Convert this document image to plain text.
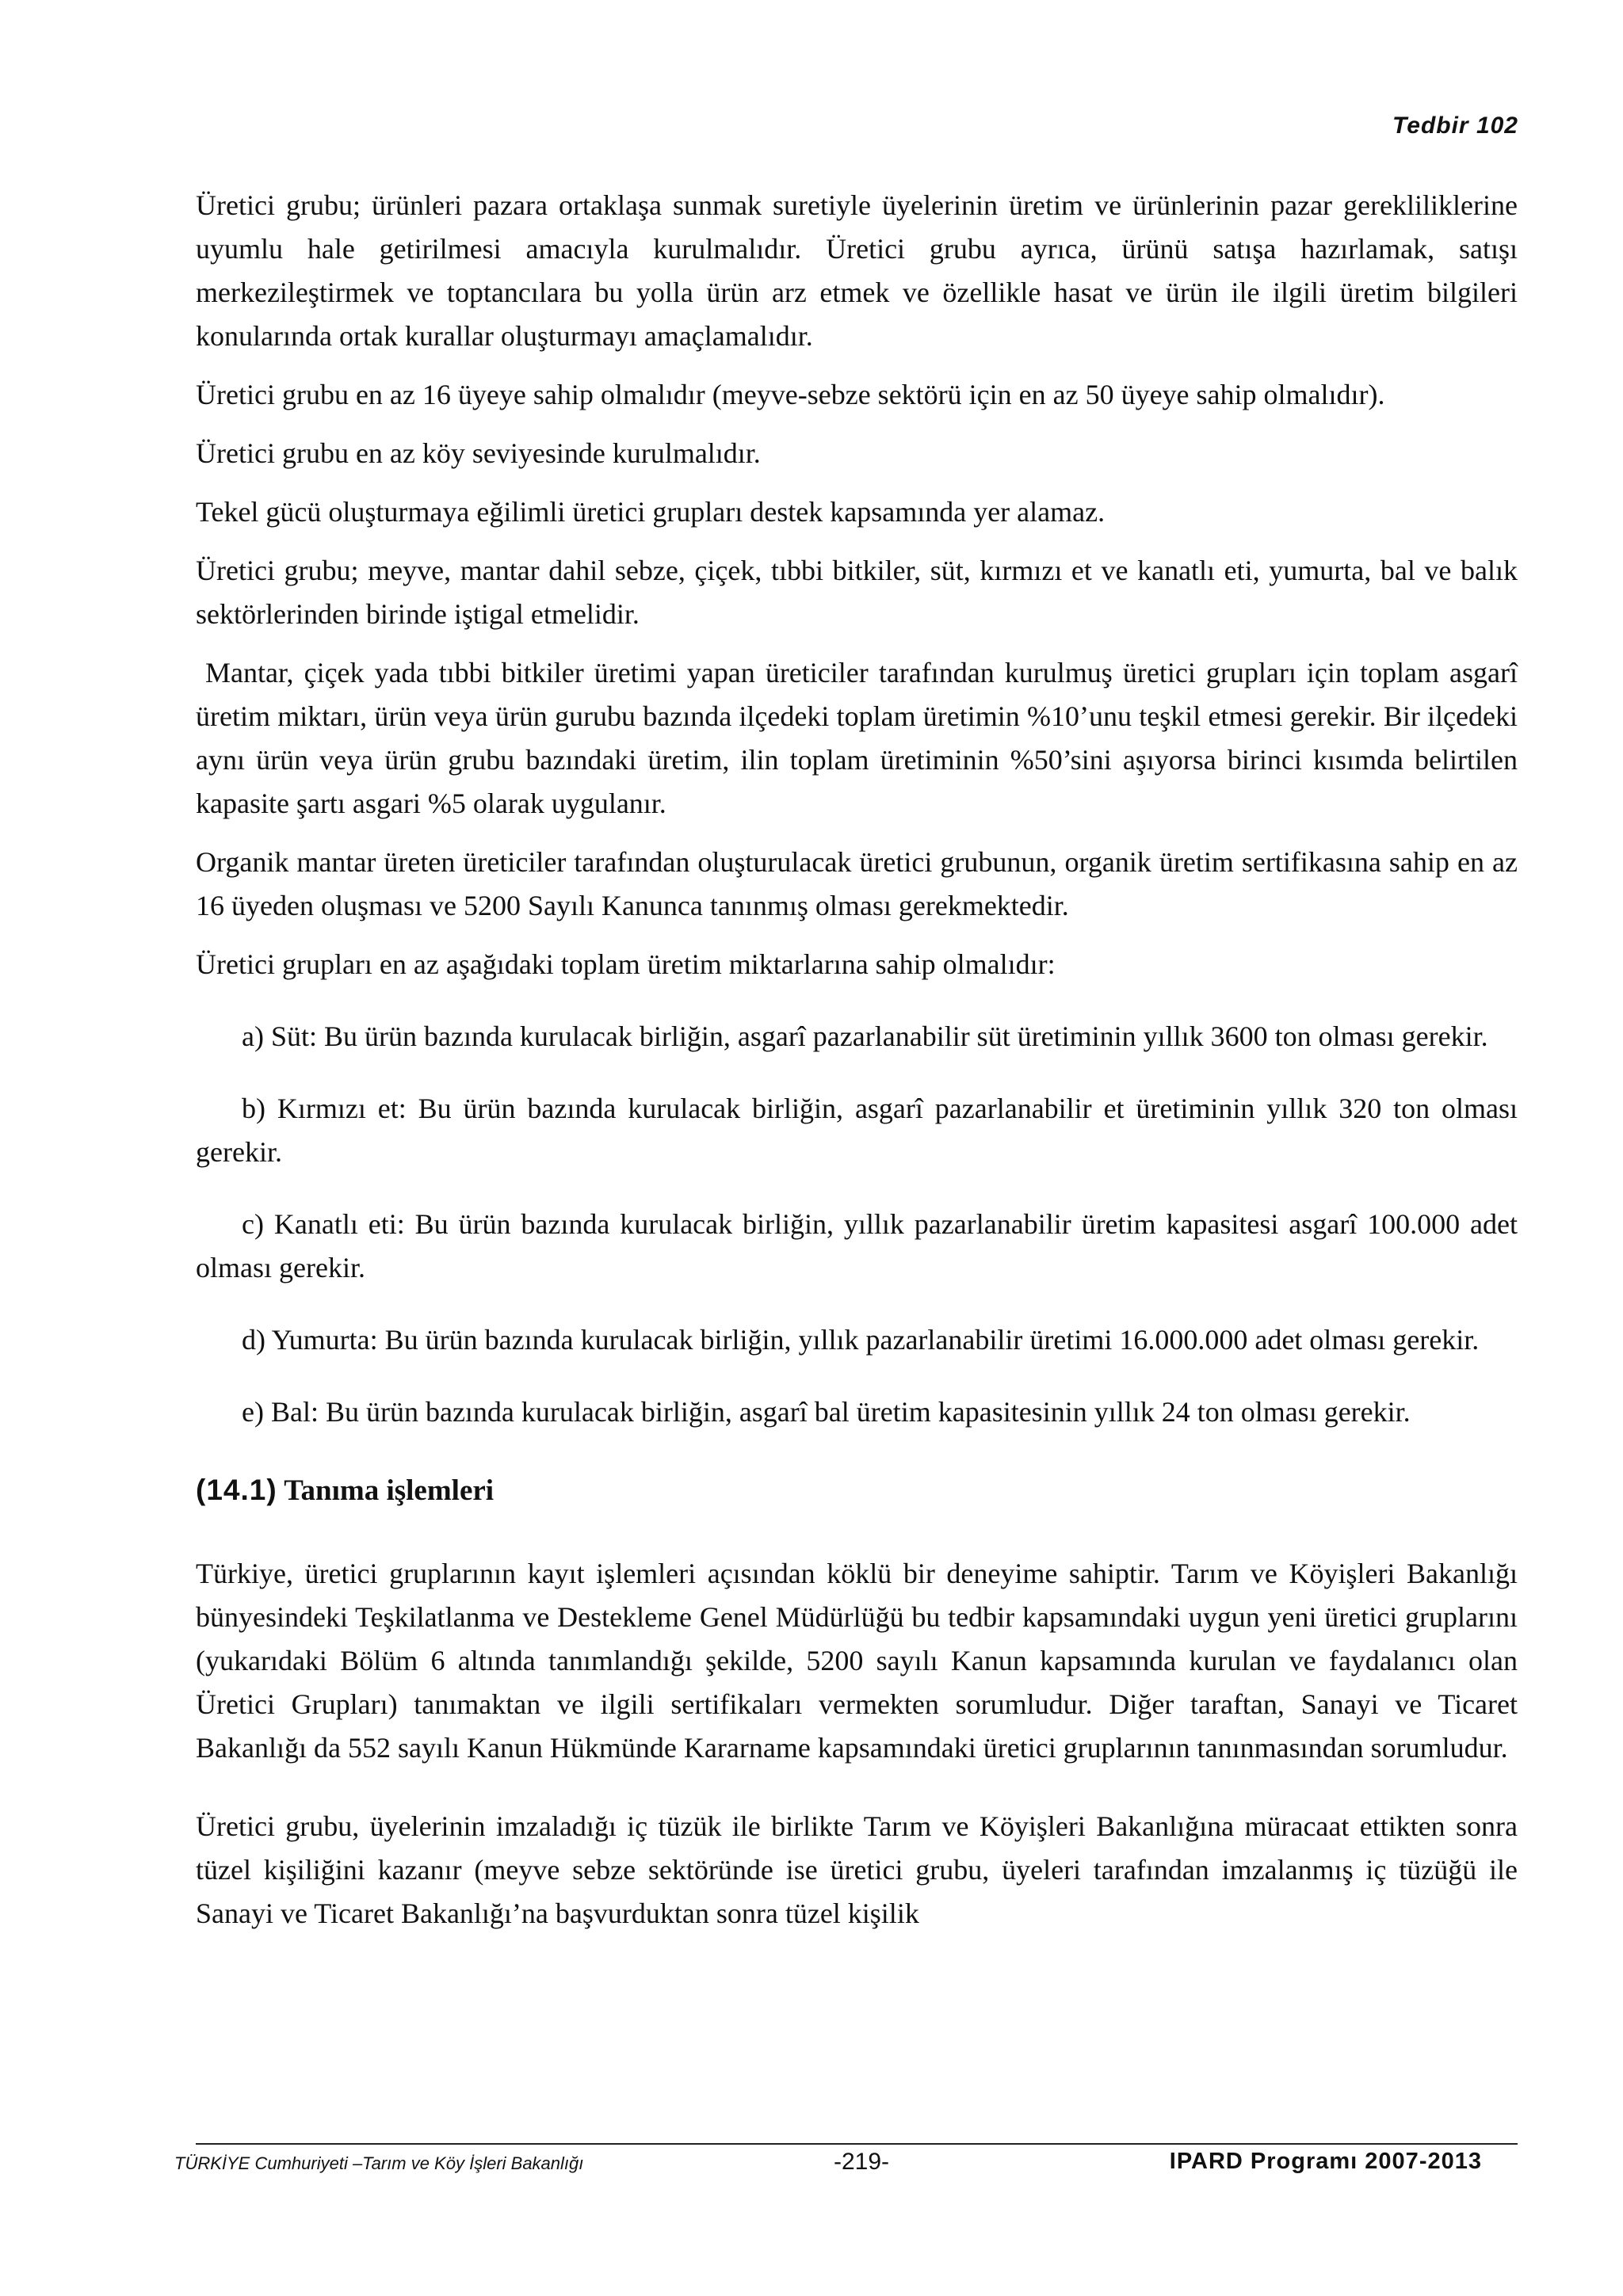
Tedbir 102

Üretici grubu; ürünleri pazara ortaklaşa sunmak suretiyle üyelerinin üretim ve ürünlerinin pazar gerekliliklerine uyumlu hale getirilmesi amacıyla kurulmalıdır. Üretici grubu ayrıca, ürünü satışa hazırlamak, satışı merkezileştirmek ve toptancılara bu yolla ürün arz etmek ve özellikle hasat ve ürün ile ilgili üretim bilgileri konularında ortak kurallar oluşturmayı amaçlamalıdır.

Üretici grubu en az 16 üyeye sahip olmalıdır (meyve-sebze sektörü için en az 50 üyeye sahip olmalıdır).

Üretici grubu en az köy seviyesinde kurulmalıdır.

Tekel gücü oluşturmaya eğilimli üretici grupları destek kapsamında yer alamaz.

Üretici grubu; meyve, mantar dahil sebze, çiçek, tıbbi bitkiler, süt, kırmızı et ve kanatlı eti, yumurta, bal ve balık sektörlerinden birinde iştigal etmelidir.

Mantar, çiçek yada tıbbi bitkiler üretimi yapan üreticiler tarafından kurulmuş üretici grupları için toplam asgarî üretim miktarı, ürün veya ürün gurubu bazında ilçedeki toplam üretimin %10’unu teşkil etmesi gerekir. Bir ilçedeki aynı ürün veya ürün grubu bazındaki üretim, ilin toplam üretiminin %50’sini aşıyorsa birinci kısımda belirtilen kapasite şartı asgari %5 olarak uygulanır.

Organik mantar üreten üreticiler tarafından oluşturulacak üretici grubunun, organik üretim sertifikasına sahip en az 16 üyeden oluşması ve 5200 Sayılı Kanunca tanınmış olması gerekmektedir.

Üretici grupları en az aşağıdaki toplam üretim miktarlarına sahip olmalıdır:

a) Süt: Bu ürün bazında kurulacak birliğin, asgarî pazarlanabilir süt üretiminin yıllık 3600 ton olması gerekir.

b) Kırmızı et: Bu ürün bazında kurulacak birliğin, asgarî pazarlanabilir et üretiminin yıllık 320 ton olması gerekir.

c) Kanatlı eti: Bu ürün bazında kurulacak birliğin, yıllık pazarlanabilir üretim kapasitesi asgarî 100.000 adet olması gerekir.

d) Yumurta: Bu ürün bazında kurulacak birliğin, yıllık pazarlanabilir üretimi 16.000.000 adet olması gerekir.

e) Bal: Bu ürün bazında kurulacak birliğin, asgarî bal üretim kapasitesinin yıllık 24 ton olması gerekir.

(14.1) Tanıma işlemleri

Türkiye, üretici gruplarının kayıt işlemleri açısından köklü bir deneyime sahiptir. Tarım ve Köyişleri Bakanlığı bünyesindeki Teşkilatlanma ve Destekleme Genel Müdürlüğü bu tedbir kapsamındaki uygun yeni üretici gruplarını (yukarıdaki Bölüm 6 altında tanımlandığı şekilde, 5200 sayılı Kanun kapsamında kurulan ve faydalanıcı olan Üretici Grupları) tanımaktan ve ilgili sertifikaları vermekten sorumludur. Diğer taraftan, Sanayi ve Ticaret Bakanlığı da 552 sayılı Kanun Hükmünde Kararname kapsamındaki üretici gruplarının tanınmasından sorumludur.

Üretici grubu, üyelerinin imzaladığı iç tüzük ile birlikte Tarım ve Köyişleri Bakanlığına müracaat ettikten sonra tüzel kişiliğini kazanır (meyve sebze sektöründe ise üretici grubu, üyeleri tarafından imzalanmış iç tüzüğü ile Sanayi ve Ticaret Bakanlığı’na başvurduktan sonra tüzel kişilik

TÜRKİYE Cumhuriyeti –Tarım ve Köy İşleri Bakanlığı	-219-	IPARD Programı 2007-2013
